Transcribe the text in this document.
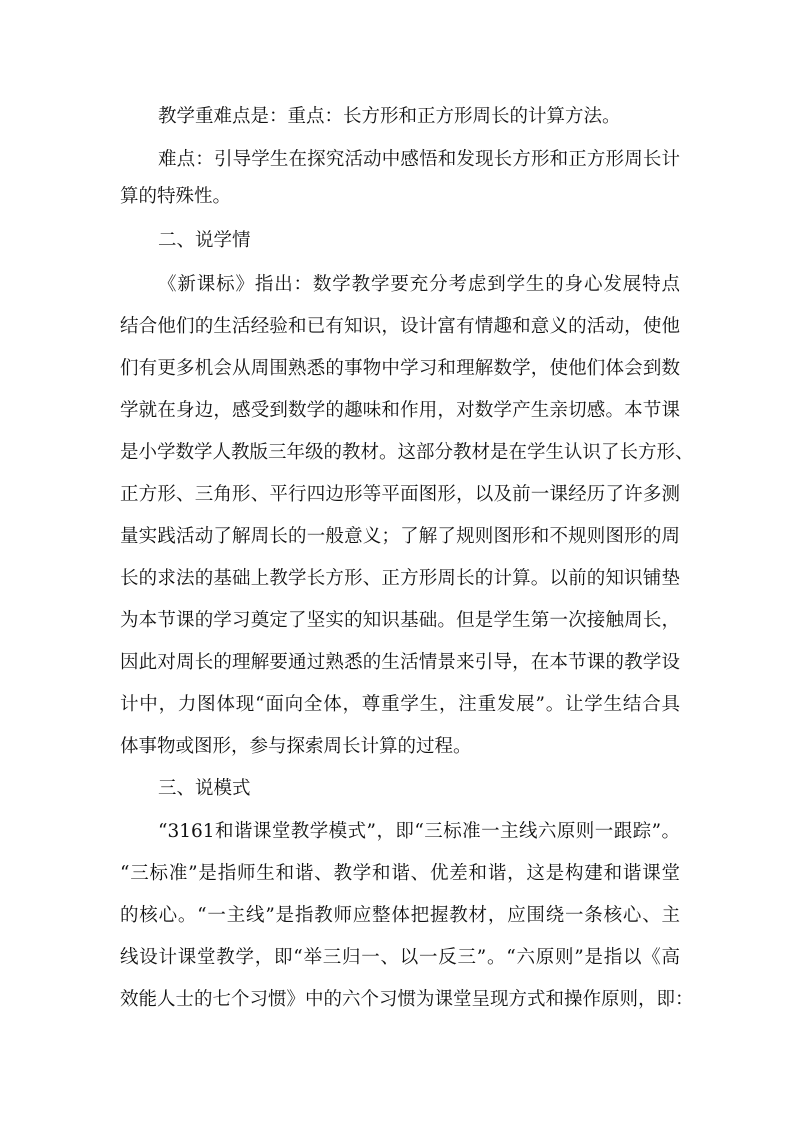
教学重难点是：重点：长方形和正方形周长的计算方法。
难点：引导学生在探究活动中感悟和发现长方形和正方形周长计
算的特殊性。
二、说学情
《新课标》指出：数学教学要充分考虑到学生的身心发展特点
结合他们的生活经验和已有知识，设计富有情趣和意义的活动，使他
们有更多机会从周围熟悉的事物中学习和理解数学，使他们体会到数
学就在身边，感受到数学的趣味和作用，对数学产生亲切感。本节课
是小学数学人教版三年级的教材。这部分教材是在学生认识了长方形、
正方形、三角形、平行四边形等平面图形，以及前一课经历了许多测
量实践活动了解周长的一般意义；了解了规则图形和不规则图形的周
长的求法的基础上教学长方形、正方形周长的计算。以前的知识铺垫
为本节课的学习奠定了坚实的知识基础。但是学生第一次接触周长，
因此对周长的理解要通过熟悉的生活情景来引导，在本节课的教学设
计中，力图体现“面向全体，尊重学生，注重发展”。让学生结合具
体事物或图形，参与探索周长计算的过程。
三、说模式
“3161和谐课堂教学模式”，即“三标准一主线六原则一跟踪”。
“三标准”是指师生和谐、教学和谐、优差和谐，这是构建和谐课堂
的核心。“一主线”是指教师应整体把握教材，应围绕一条核心、主
线设计课堂教学，即“举三归一、以一反三”。“六原则”是指以《高
效能人士的七个习惯》中的六个习惯为课堂呈现方式和操作原则，即：
